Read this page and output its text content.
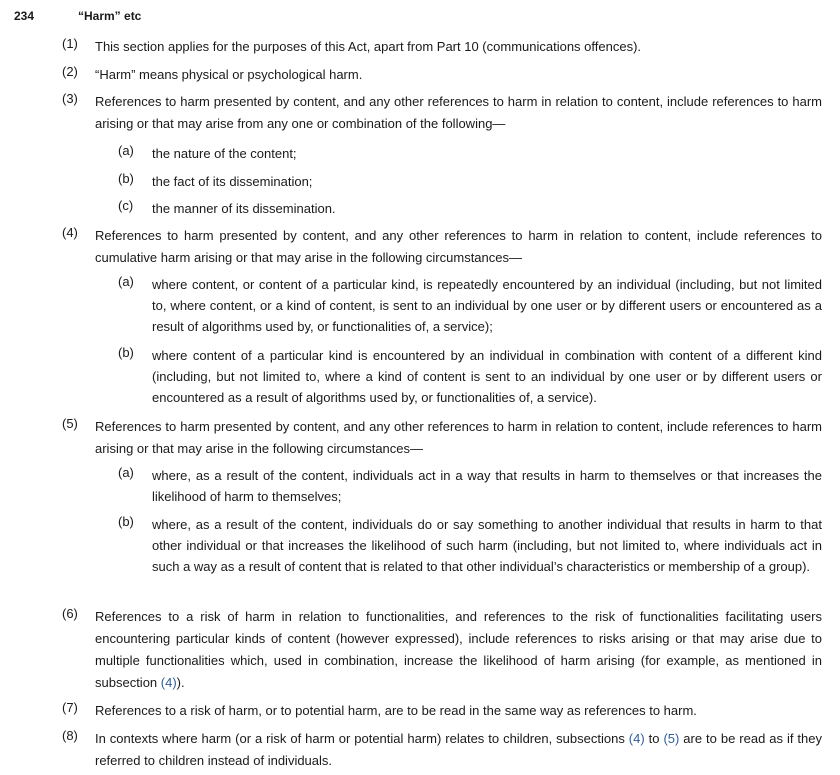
234	“Harm” etc
(1) This section applies for the purposes of this Act, apart from Part 10 (communications offences).
(2) “Harm” means physical or psychological harm.
(3) References to harm presented by content, and any other references to harm in relation to content, include references to harm arising or that may arise from any one or combination of the following—
(a) the nature of the content;
(b) the fact of its dissemination;
(c) the manner of its dissemination.
(4) References to harm presented by content, and any other references to harm in relation to content, include references to cumulative harm arising or that may arise in the following circumstances—
(a) where content, or content of a particular kind, is repeatedly encountered by an individual (including, but not limited to, where content, or a kind of content, is sent to an individual by one user or by different users or encountered as a result of algorithms used by, or functionalities of, a service);
(b) where content of a particular kind is encountered by an individual in combination with content of a different kind (including, but not limited to, where a kind of content is sent to an individual by one user or by different users or encountered as a result of algorithms used by, or functionalities of, a service).
(5) References to harm presented by content, and any other references to harm in relation to content, include references to harm arising or that may arise in the following circumstances—
(a) where, as a result of the content, individuals act in a way that results in harm to themselves or that increases the likelihood of harm to themselves;
(b) where, as a result of the content, individuals do or say something to another individual that results in harm to that other individual or that increases the likelihood of such harm (including, but not limited to, where individuals act in such a way as a result of content that is related to that other individual’s characteristics or membership of a group).
(6) References to a risk of harm in relation to functionalities, and references to the risk of functionalities facilitating users encountering particular kinds of content (however expressed), include references to risks arising or that may arise due to multiple functionalities which, used in combination, increase the likelihood of harm arising (for example, as mentioned in subsection (4)).
(7) References to a risk of harm, or to potential harm, are to be read in the same way as references to harm.
(8) In contexts where harm (or a risk of harm or potential harm) relates to children, subsections (4) to (5) are to be read as if they referred to children instead of individuals.
